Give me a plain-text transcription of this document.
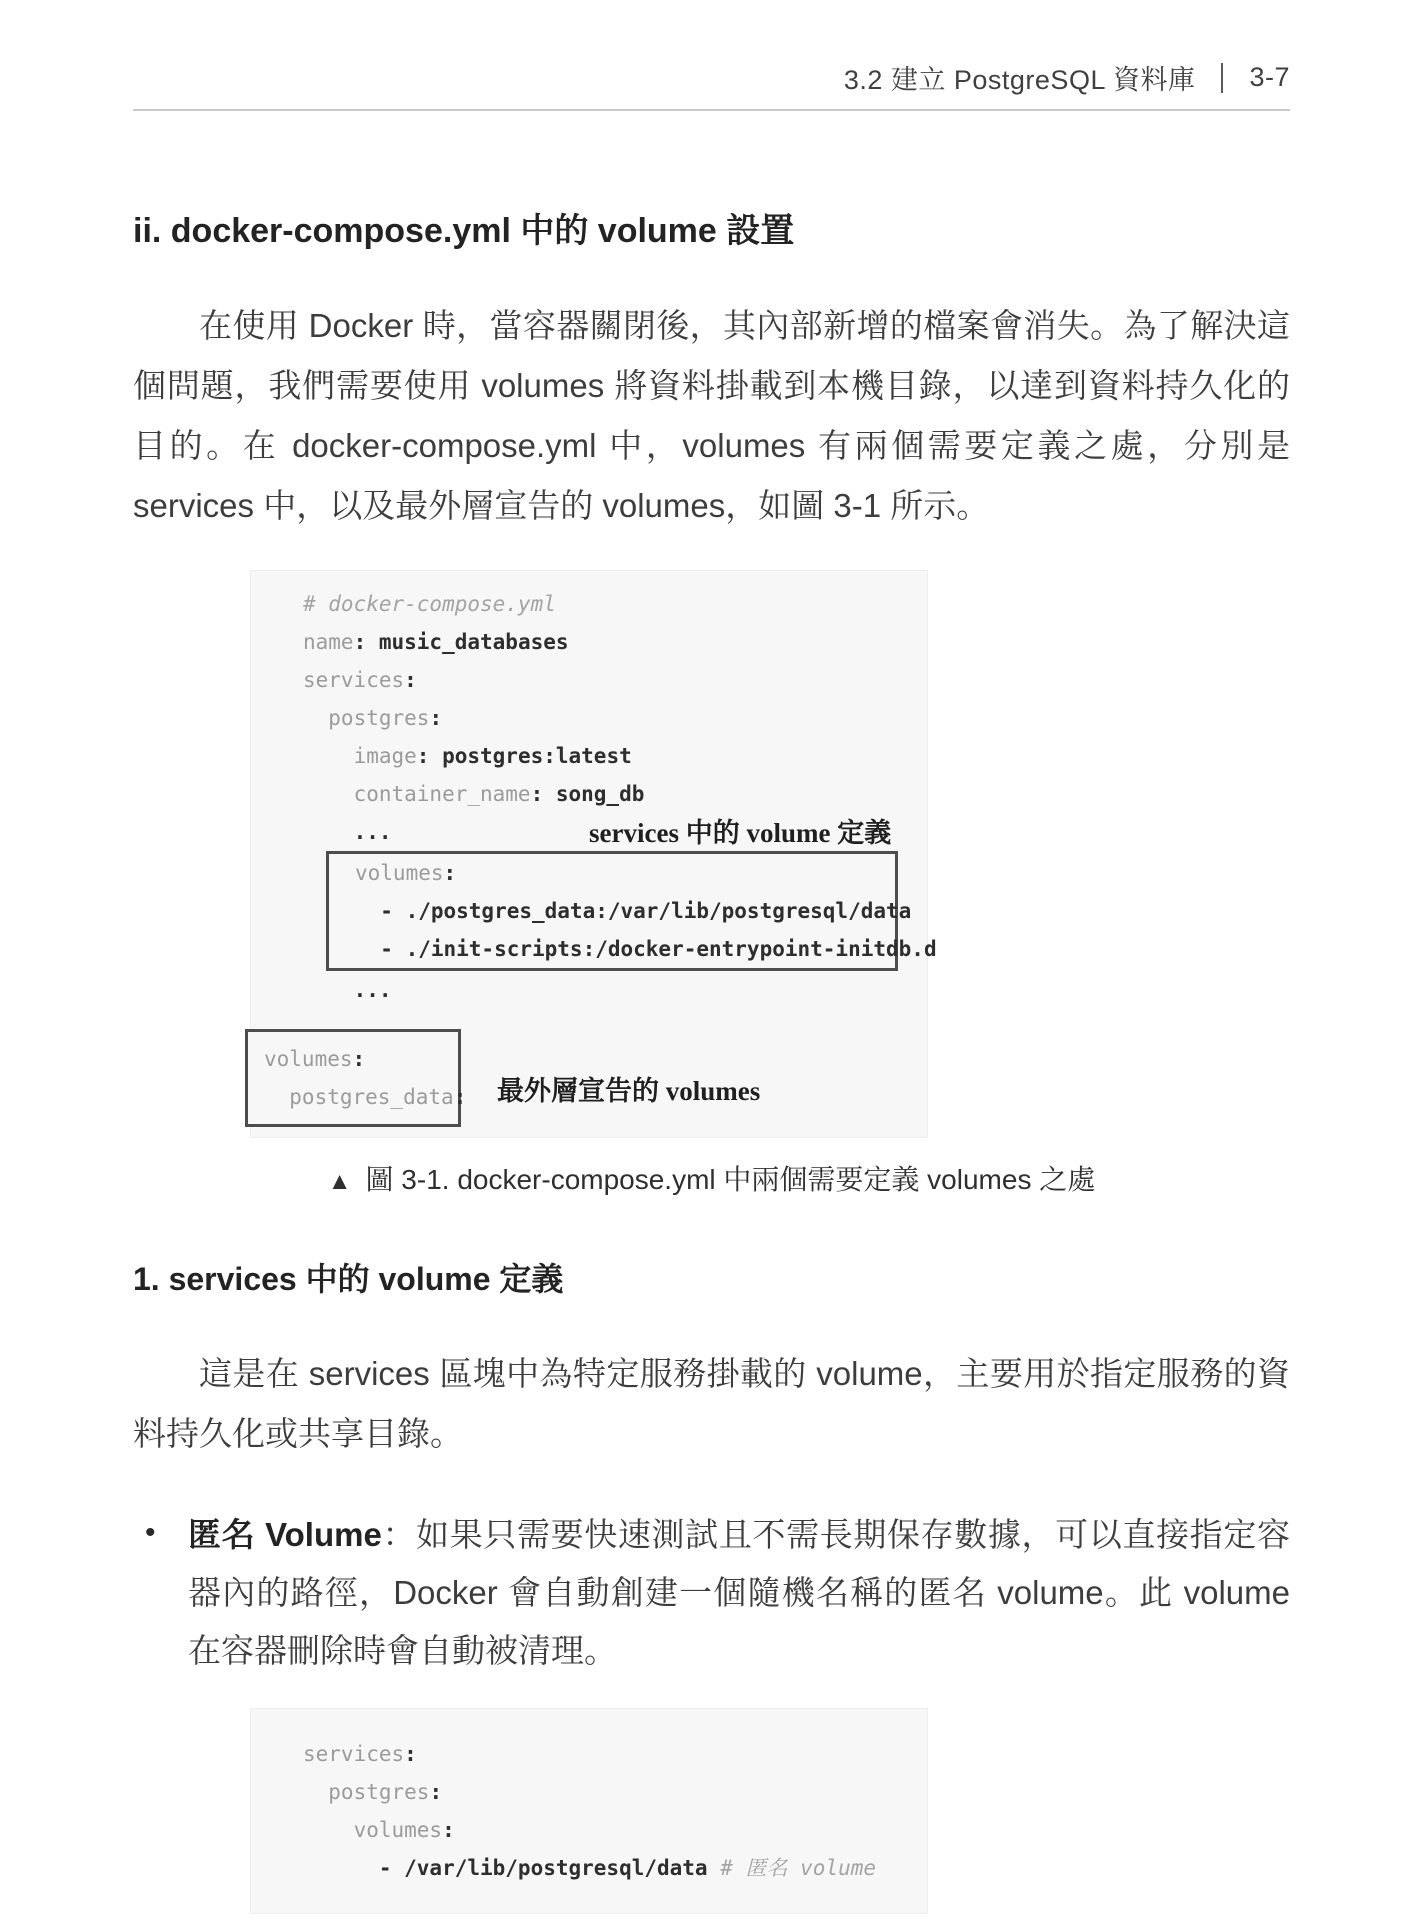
3.2 建立 PostgreSQL 資料庫 3-7
ii. docker-compose.yml 中的 volume 設置
在使用 Docker 時，當容器關閉後，其內部新增的檔案會消失。為了解決這個問題，我們需要使用 volumes 將資料掛載到本機目錄，以達到資料持久化的目的。在 docker-compose.yml 中，volumes 有兩個需要定義之處，分別是 services 中，以及最外層宣告的 volumes，如圖 3-1 所示。
# docker-compose.yml
name: music_databases
services:
postgres:
image: postgres:latest
container_name: song_db
...
volumes:
- ./postgres_data:/var/lib/postgresql/data
- ./init-scripts:/docker-entrypoint-initdb.d
...
volumes:
postgres_data:
services 中的 volume 定義
最外層宣告的 volumes
▲ 圖 3-1. docker-compose.yml 中兩個需要定義 volumes 之處
1. services 中的 volume 定義
這是在 services 區塊中為特定服務掛載的 volume，主要用於指定服務的資料持久化或共享目錄。
• 匿名 Volume：如果只需要快速測試且不需長期保存數據，可以直接指定容器內的路徑，Docker 會自動創建一個隨機名稱的匿名 volume。此 volume 在容器刪除時會自動被清理。
services:
postgres:
volumes:
- /var/lib/postgresql/data # 匿名 volume
